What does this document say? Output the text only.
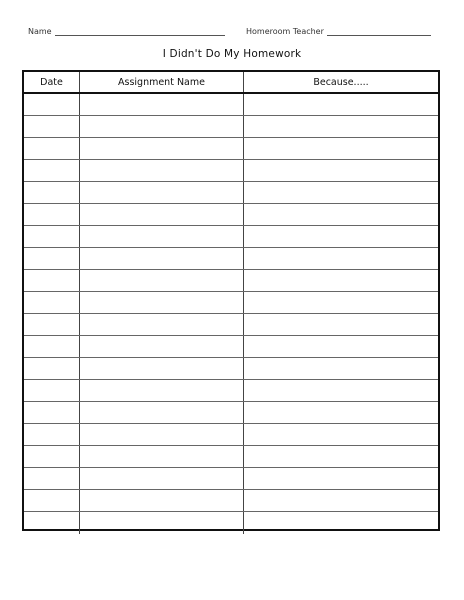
Name	Homeroom Teacher
I Didn't Do My Homework
Date	Assignment Name	Because.....
